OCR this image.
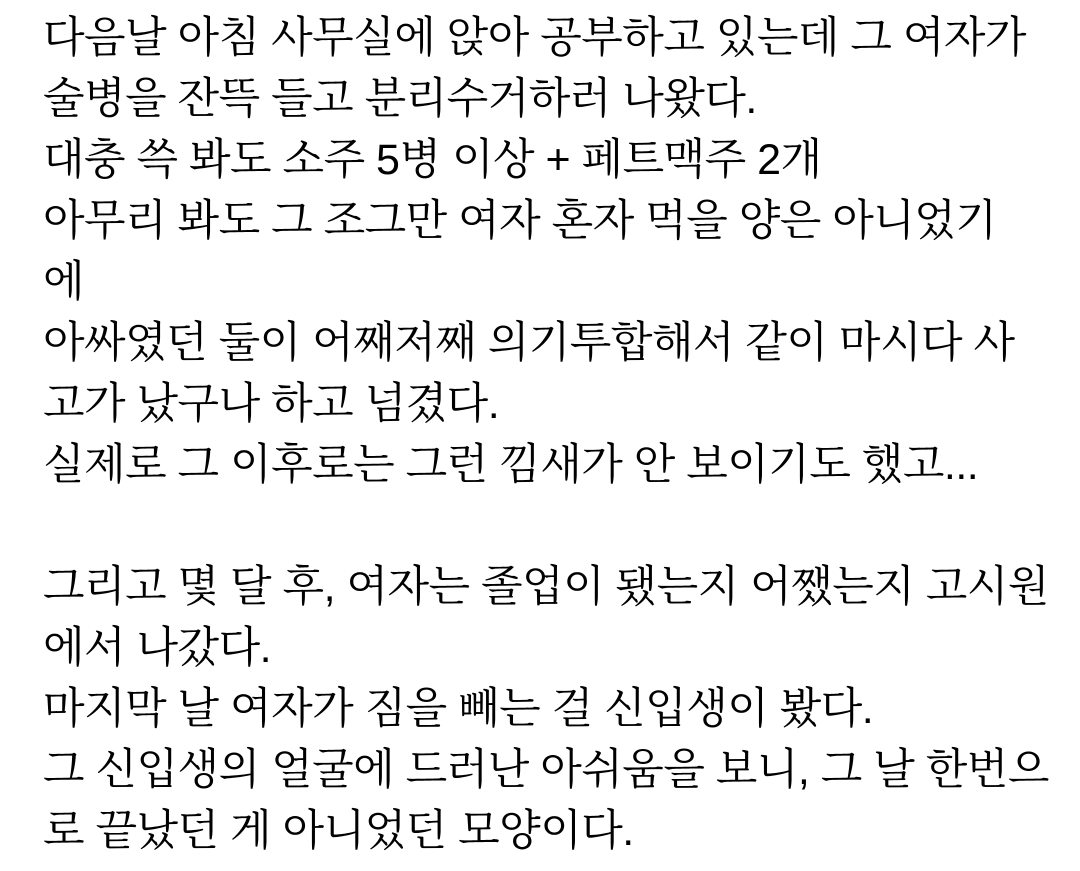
다음날 아침 사무실에 앉아 공부하고 있는데 그 여자가
술병을 잔뜩 들고 분리수거하러 나왔다.
대충 쓱 봐도 소주 5병 이상 + 페트맥주 2개
아무리 봐도 그 조그만 여자 혼자 먹을 양은 아니었기
에
아싸였던 둘이 어째저째 의기투합해서 같이 마시다 사
고가 났구나 하고 넘겼다.
실제로 그 이후로는 그런 낌새가 안 보이기도 했고...

그리고 몇 달 후, 여자는 졸업이 됐는지 어쨌는지 고시원
에서 나갔다.
마지막 날 여자가 짐을 빼는 걸 신입생이 봤다.
그 신입생의 얼굴에 드러난 아쉬움을 보니, 그 날 한번으
로 끝났던 게 아니었던 모양이다.
